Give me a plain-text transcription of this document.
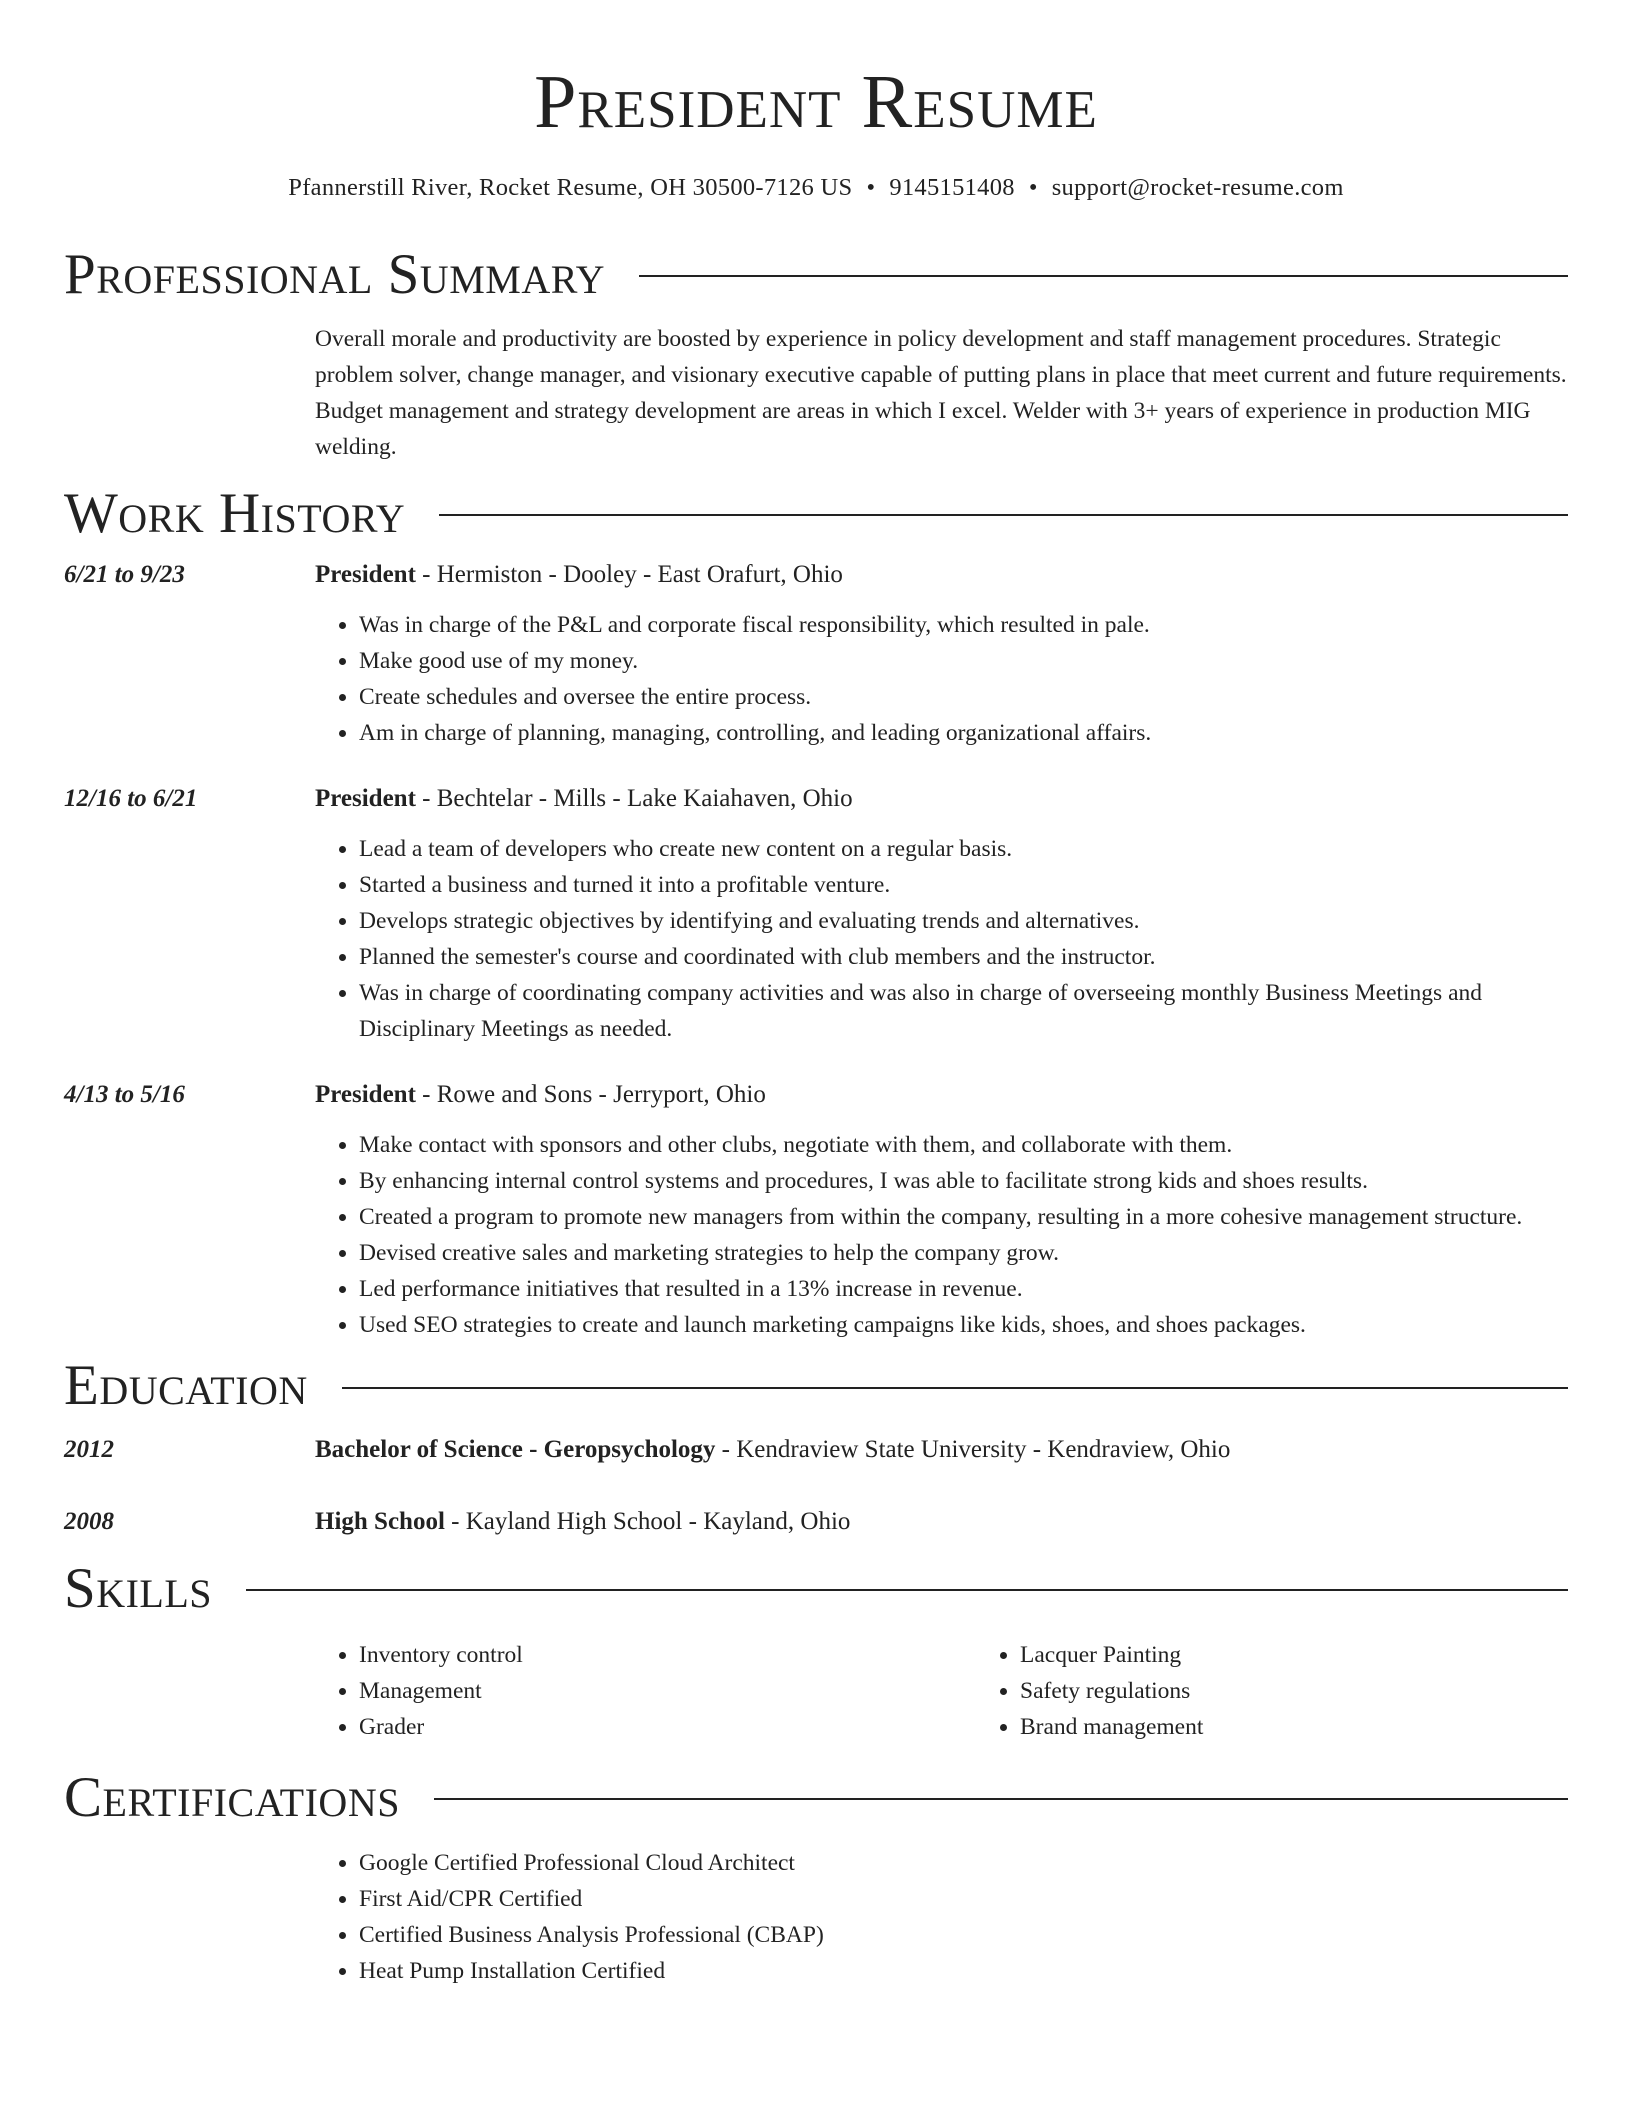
President Resume
Pfannerstill River, Rocket Resume, OH 30500-7126 US • 9145151408 • support@rocket-resume.com
Professional Summary
Overall morale and productivity are boosted by experience in policy development and staff management procedures. Strategic problem solver, change manager, and visionary executive capable of putting plans in place that meet current and future requirements. Budget management and strategy development are areas in which I excel. Welder with 3+ years of experience in production MIG welding.
Work History
6/21 to 9/23	President - Hermiston - Dooley - East Orafurt, Ohio
• Was in charge of the P&L and corporate fiscal responsibility, which resulted in pale.
• Make good use of my money.
• Create schedules and oversee the entire process.
• Am in charge of planning, managing, controlling, and leading organizational affairs.
12/16 to 6/21	President - Bechtelar - Mills - Lake Kaiahaven, Ohio
• Lead a team of developers who create new content on a regular basis.
• Started a business and turned it into a profitable venture.
• Develops strategic objectives by identifying and evaluating trends and alternatives.
• Planned the semester's course and coordinated with club members and the instructor.
• Was in charge of coordinating company activities and was also in charge of overseeing monthly Business Meetings and Disciplinary Meetings as needed.
4/13 to 5/16	President - Rowe and Sons - Jerryport, Ohio
• Make contact with sponsors and other clubs, negotiate with them, and collaborate with them.
• By enhancing internal control systems and procedures, I was able to facilitate strong kids and shoes results.
• Created a program to promote new managers from within the company, resulting in a more cohesive management structure.
• Devised creative sales and marketing strategies to help the company grow.
• Led performance initiatives that resulted in a 13% increase in revenue.
• Used SEO strategies to create and launch marketing campaigns like kids, shoes, and shoes packages.
Education
2012	Bachelor of Science - Geropsychology - Kendraview State University - Kendraview, Ohio
2008	High School - Kayland High School - Kayland, Ohio
Skills
• Inventory control
• Management
• Grader
• Lacquer Painting
• Safety regulations
• Brand management
Certifications
• Google Certified Professional Cloud Architect
• First Aid/CPR Certified
• Certified Business Analysis Professional (CBAP)
• Heat Pump Installation Certified
